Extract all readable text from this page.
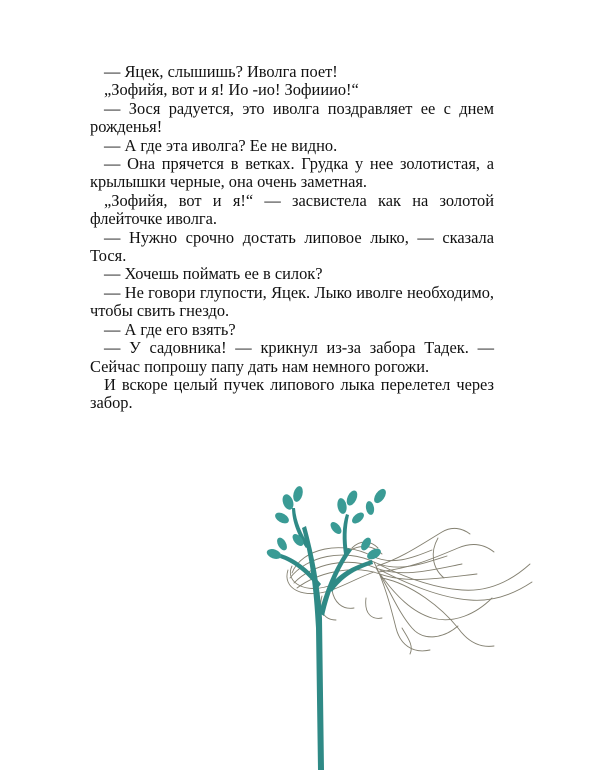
— Яцек, слышишь? Иволга поет!

„Зофийя, вот и я! Ио -ио! Зофииио!“

— Зося радуется, это иволга поздравляет ее с днем рожденья!

— А где эта иволга? Ее не видно.

— Она прячется в ветках. Грудка у нее золотистая, а крылышки черные, она очень заметная.

„Зофийя, вот и я!“ — засвистела как на золотой флейточке иволга.

— Нужно срочно достать липовое лыко, — сказала Тося.

— Хочешь поймать ее в силок?

— Не говори глупости, Яцек. Лыко иволге необходимо, чтобы свить гнездо.

— А где его взять?

— У садовника! — крикнул из-за забора Тадек. — Сейчас попрошу папу дать нам немного рогожи.

И вскоре целый пучек липового лыка перелетел через забор.
